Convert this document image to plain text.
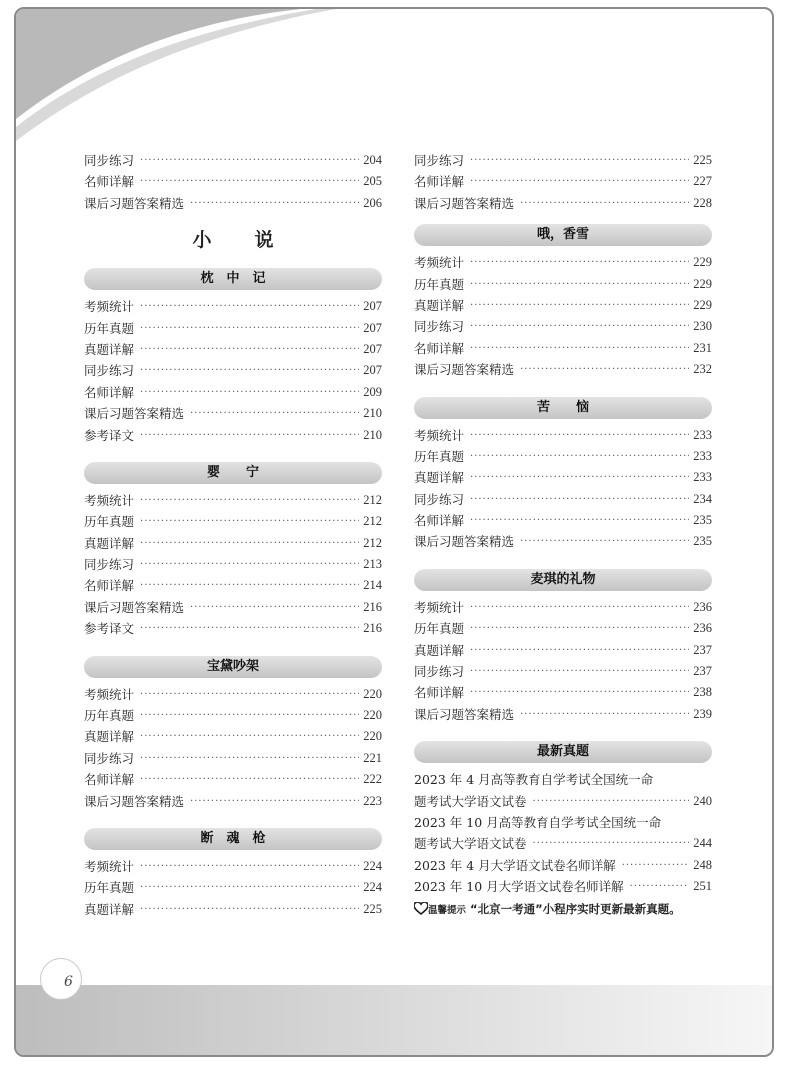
6
同步练习 ·····	204
名师详解 ·····	205
课后习题答案精选 ·····	206
小　说
枕　中　记
考频统计 ·····	207
历年真题 ·····	207
真题详解 ·····	207
同步练习 ·····	207
名师详解 ·····	209
课后习题答案精选 ·····	210
参考译文 ·····	210
婴　　宁
考频统计 ·····	212
历年真题 ·····	212
真题详解 ·····	212
同步练习 ·····	213
名师详解 ·····	214
课后习题答案精选 ·····	216
参考译文 ·····	216
宝黛吵架
考频统计 ·····	220
历年真题 ·····	220
真题详解 ·····	220
同步练习 ·····	221
名师详解 ·····	222
课后习题答案精选 ·····	223
断　魂　枪
考频统计 ·····	224
历年真题 ·····	224
真题详解 ·····	225
同步练习 ·····	225
名师详解 ·····	227
课后习题答案精选 ·····	228
哦，香雪
考频统计 ·····	229
历年真题 ·····	229
真题详解 ·····	229
同步练习 ·····	230
名师详解 ·····	231
课后习题答案精选 ·····	232
苦　　恼
考频统计 ·····	233
历年真题 ·····	233
真题详解 ·····	233
同步练习 ·····	234
名师详解 ·····	235
课后习题答案精选 ·····	235
麦琪的礼物
考频统计 ·····	236
历年真题 ·····	236
真题详解 ·····	237
同步练习 ·····	237
名师详解 ·····	238
课后习题答案精选 ·····	239
最新真题
2023 年 4 月高等教育自学考试全国统一命
题考试大学语文试卷 ·····	240
2023 年 10 月高等教育自学考试全国统一命
题考试大学语文试卷 ·····	244
2023 年 4 月大学语文试卷名师详解 ·····	248
2023 年 10 月大学语文试卷名师详解 ·····	251
温馨提示 “北京一考通”小程序实时更新最新真题。
